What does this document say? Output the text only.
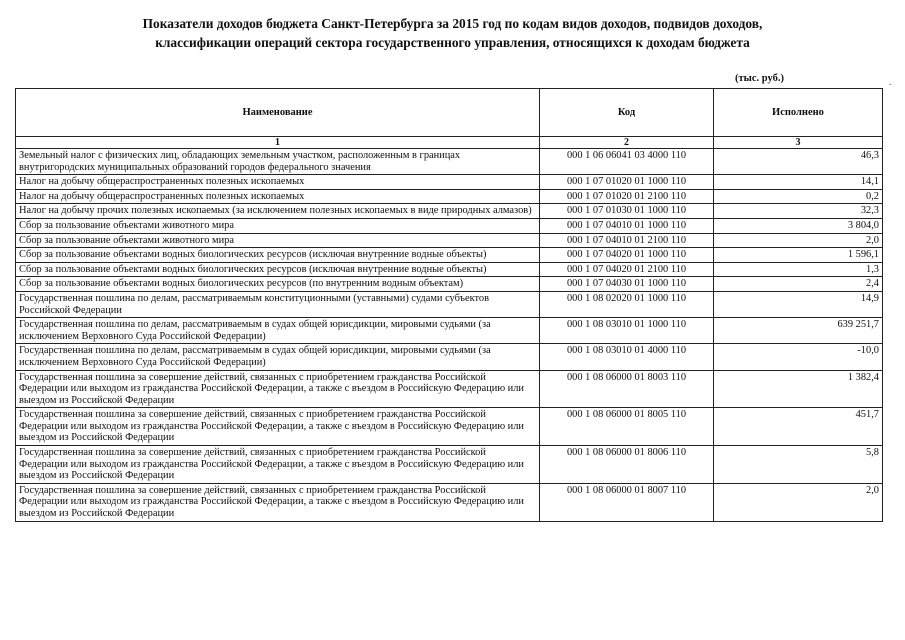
Показатели доходов бюджета Санкт-Петербурга за 2015 год по кодам видов доходов, подвидов доходов,
классификации операций сектора государственного управления, относящихся к доходам бюджета
(тыс. руб.)	.
Наименование	Код	Исполнено
1	2	3
Земельный налог с физических лиц, обладающих земельным участком, расположенным в границах внутригородских муниципальных образований городов федерального значения	000 1 06 06041 03 4000 110	46,3
Налог на добычу общераспространенных полезных ископаемых	000 1 07 01020 01 1000 110	14,1
Налог на добычу общераспространенных полезных ископаемых	000 1 07 01020 01 2100 110	0,2
Налог на добычу прочих полезных ископаемых (за исключением полезных ископаемых в виде природных алмазов)	000 1 07 01030 01 1000 110	32,3
Сбор за пользование объектами животного мира	000 1 07 04010 01 1000 110	3 804,0
Сбор за пользование объектами животного мира	000 1 07 04010 01 2100 110	2,0
Сбор за пользование объектами водных биологических ресурсов (исключая внутренние водные объекты)	000 1 07 04020 01 1000 110	1 596,1
Сбор за пользование объектами водных биологических ресурсов (исключая внутренние водные объекты)	000 1 07 04020 01 2100 110	1,3
Сбор за пользование объектами водных биологических ресурсов (по внутренним водным объектам)	000 1 07 04030 01 1000 110	2,4
Государственная пошлина по делам, рассматриваемым конституционными (уставными) судами субъектов Российской Федерации	000 1 08 02020 01 1000 110	14,9
Государственная пошлина по делам, рассматриваемым в судах общей юрисдикции, мировыми судьями (за исключением Верховного Суда Российской Федерации)	000 1 08 03010 01 1000 110	639 251,7
Государственная пошлина по делам, рассматриваемым в судах общей юрисдикции, мировыми судьями (за исключением Верховного Суда Российской Федерации)	000 1 08 03010 01 4000 110	-10,0
Государственная пошлина за совершение действий, связанных с приобретением гражданства Российской Федерации или выходом из гражданства Российской Федерации, а также с въездом в Российскую Федерацию или выездом из Российской Федерации	000 1 08 06000 01 8003 110	1 382,4
Государственная пошлина за совершение действий, связанных с приобретением гражданства Российской Федерации или выходом из гражданства Российской Федерации, а также с въездом в Российскую Федерацию или выездом из Российской Федерации	000 1 08 06000 01 8005 110	451,7
Государственная пошлина за совершение действий, связанных с приобретением гражданства Российской Федерации или выходом из гражданства Российской Федерации, а также с въездом в Российскую Федерацию или выездом из Российской Федерации	000 1 08 06000 01 8006 110	5,8
Государственная пошлина за совершение действий, связанных с приобретением гражданства Российской Федерации или выходом из гражданства Российской Федерации, а также с въездом в Российскую Федерацию или выездом из Российской Федерации	000 1 08 06000 01 8007 110	2,0
